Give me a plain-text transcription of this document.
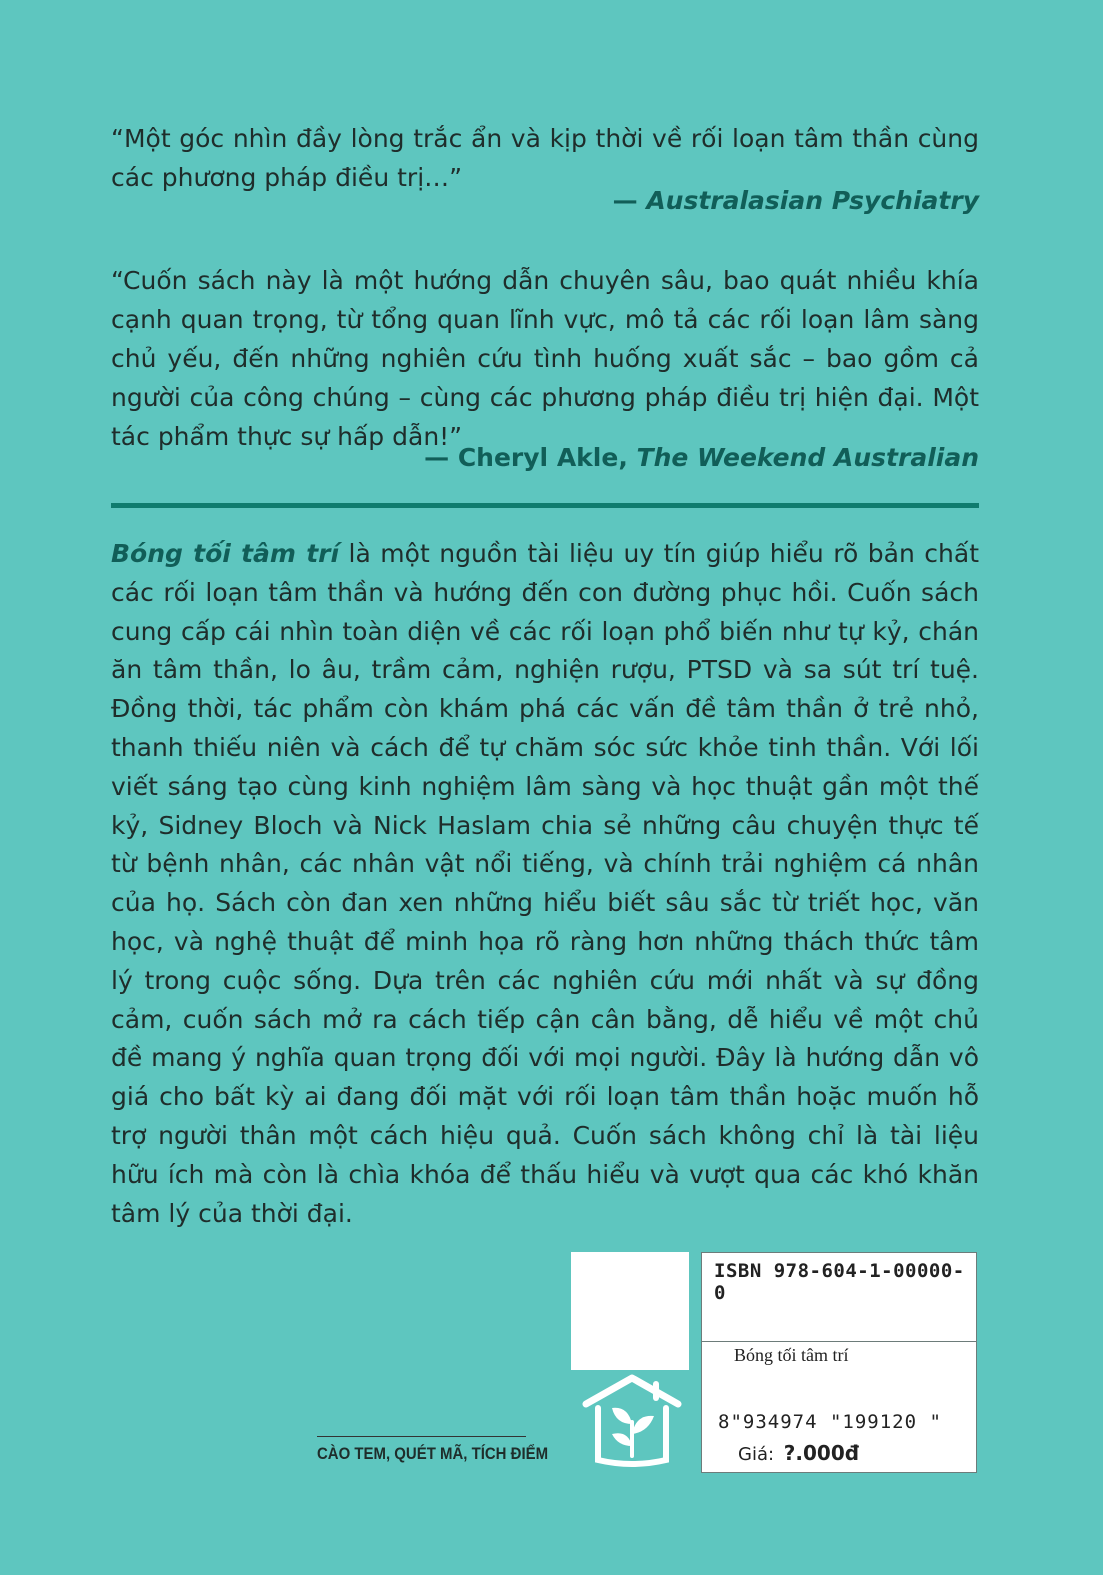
“Một góc nhìn đầy lòng trắc ẩn và kịp thời về rối loạn tâm thần cùng các phương pháp điều trị…”

— Australasian Psychiatry

“Cuốn sách này là một hướng dẫn chuyên sâu, bao quát nhiều khía cạnh quan trọng, từ tổng quan lĩnh vực, mô tả các rối loạn lâm sàng chủ yếu, đến những nghiên cứu tình huống xuất sắc – bao gồm cả người của công chúng – cùng các phương pháp điều trị hiện đại. Một tác phẩm thực sự hấp dẫn!”

— Cheryl Akle, The Weekend Australian

Bóng tối tâm trí là một nguồn tài liệu uy tín giúp hiểu rõ bản chất các rối loạn tâm thần và hướng đến con đường phục hồi. Cuốn sách cung cấp cái nhìn toàn diện về các rối loạn phổ biến như tự kỷ, chán ăn tâm thần, lo âu, trầm cảm, nghiện rượu, PTSD và sa sút trí tuệ. Đồng thời, tác phẩm còn khám phá các vấn đề tâm thần ở trẻ nhỏ, thanh thiếu niên và cách để tự chăm sóc sức khỏe tinh thần. Với lối viết sáng tạo cùng kinh nghiệm lâm sàng và học thuật gần một thế kỷ, Sidney Bloch và Nick Haslam chia sẻ những câu chuyện thực tế từ bệnh nhân, các nhân vật nổi tiếng, và chính trải nghiệm cá nhân của họ. Sách còn đan xen những hiểu biết sâu sắc từ triết học, văn học, và nghệ thuật để minh họa rõ ràng hơn những thách thức tâm lý trong cuộc sống. Dựa trên các nghiên cứu mới nhất và sự đồng cảm, cuốn sách mở ra cách tiếp cận cân bằng, dễ hiểu về một chủ đề mang ý nghĩa quan trọng đối với mọi người. Đây là hướng dẫn vô giá cho bất kỳ ai đang đối mặt với rối loạn tâm thần hoặc muốn hỗ trợ người thân một cách hiệu quả. Cuốn sách không chỉ là tài liệu hữu ích mà còn là chìa khóa để thấu hiểu và vượt qua các khó khăn tâm lý của thời đại.

ISBN 978-604-1-00000-0
Bóng tối tâm trí
8"934974 "199120 "
Giá: ?.000đ
CÀO TEM, QUÉT MÃ, TÍCH ĐIỂM
